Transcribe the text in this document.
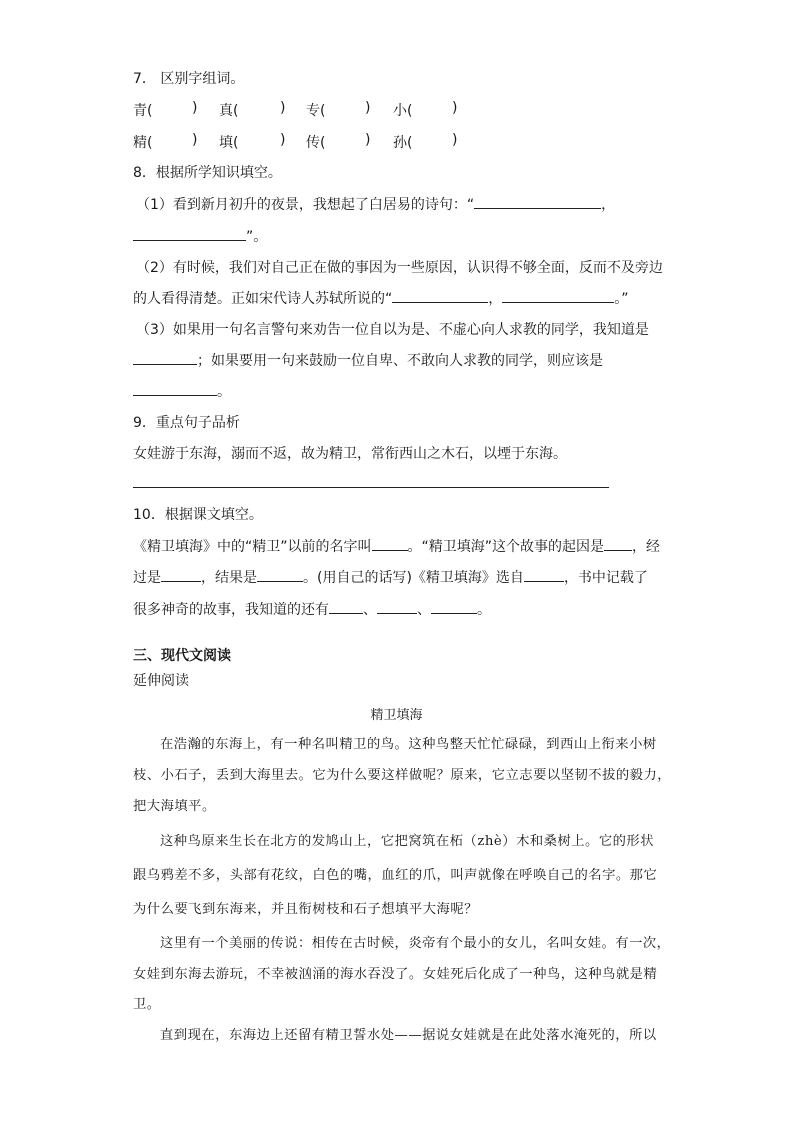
7． 区别字组词。
青(	) 真(	) 专(	) 小(	)
精(	) 填(	) 传(	) 孙(	)
8．根据所学知识填空。
（1）看到新月初升的夜景，我想起了白居易的诗句：“	，
”。
（2）有时候，我们对自己正在做的事因为一些原因，认识得不够全面，反而不及旁边
的人看得清楚。正如宋代诗人苏轼所说的“	，	。”
（3）如果用一句名言警句来劝告一位自以为是、不虚心向人求教的同学，我知道是
；如果要用一句来鼓励一位自卑、不敢向人求教的同学，则应该是
。
9．重点句子品析
女娃游于东海，溺而不返，故为精卫，常衔西山之木石，以堙于东海。
10．根据课文填空。
《精卫填海》中的“精卫”以前的名字叫	。“精卫填海”这个故事的起因是 ，经
过是	，结果是	。(用自己的话写)《精卫填海》选自	，书中记载了
很多神奇的故事，我知道的还有 、	、	。
三、现代文阅读
延伸阅读
精卫填海
在浩瀚的东海上，有一种名叫精卫的鸟。这种鸟整天忙忙碌碌，到西山上衔来小树
枝、小石子，丢到大海里去。它为什么要这样做呢？原来，它立志要以坚韧不拔的毅力，
把大海填平。
这种鸟原来生长在北方的发鸠山上，它把窝筑在柘（zhè）木和桑树上。它的形状
跟乌鸦差不多，头部有花纹，白色的嘴，血红的爪，叫声就像在呼唤自己的名字。那它
为什么要飞到东海来，并且衔树枝和石子想填平大海呢？
这里有一个美丽的传说：相传在古时候，炎帝有个最小的女儿，名叫女娃。有一次，
女娃到东海去游玩，不幸被汹涌的海水吞没了。女娃死后化成了一种鸟，这种鸟就是精
卫。
直到现在，东海边上还留有精卫誓水处——据说女娃就是在此处落水淹死的，所以
